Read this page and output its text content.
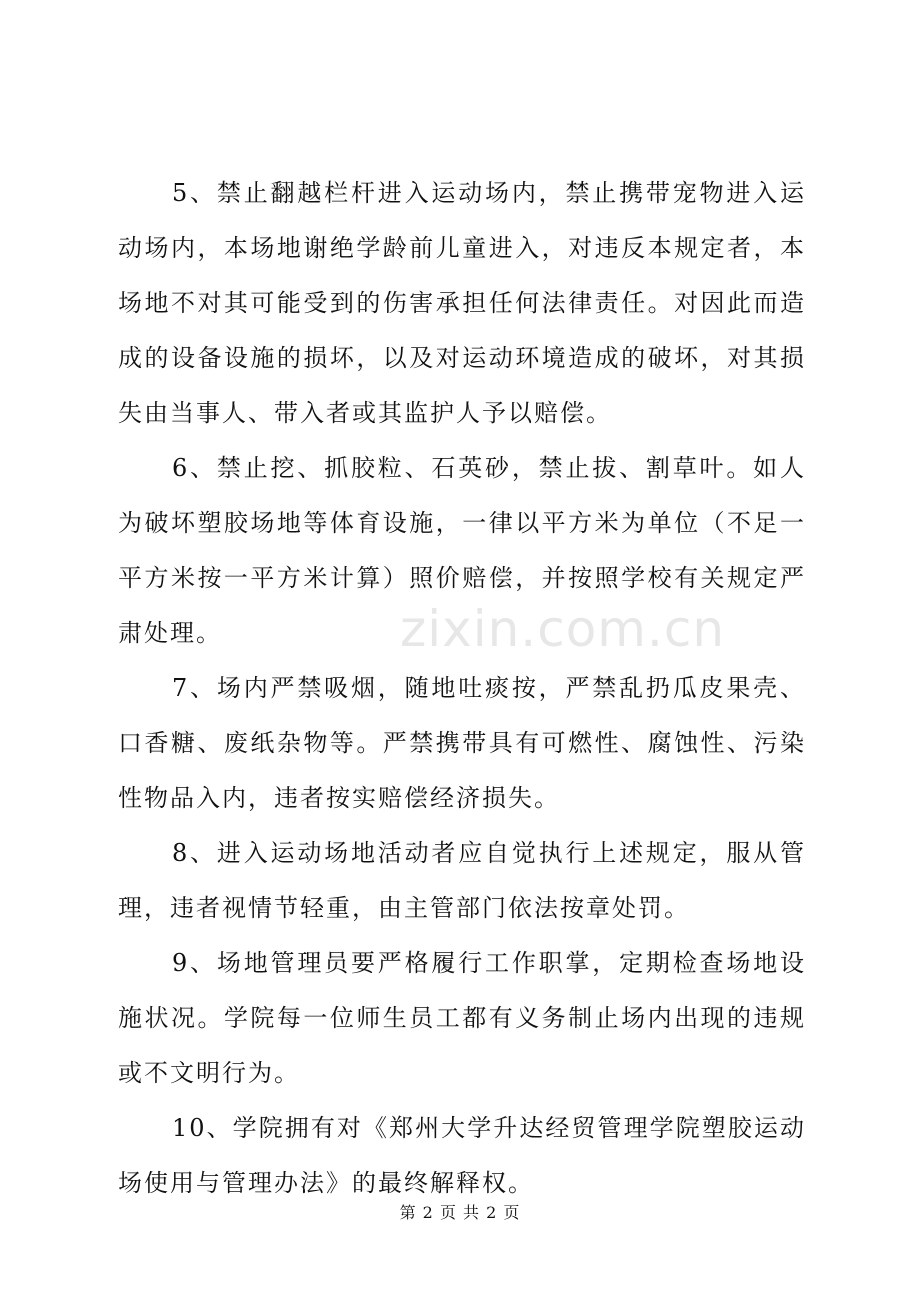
5、禁止翻越栏杆进入运动场内，禁止携带宠物进入运动场内，本场地谢绝学龄前儿童进入，对违反本规定者，本场地不对其可能受到的伤害承担任何法律责任。对因此而造成的设备设施的损坏，以及对运动环境造成的破坏，对其损失由当事人、带入者或其监护人予以赔偿。

6、禁止挖、抓胶粒、石英砂，禁止拔、割草叶。如人为破坏塑胶场地等体育设施，一律以平方米为单位（不足一平方米按一平方米计算）照价赔偿，并按照学校有关规定严肃处理。

7、场内严禁吸烟，随地吐痰按，严禁乱扔瓜皮果壳、口香糖、废纸杂物等。严禁携带具有可燃性、腐蚀性、污染性物品入内，违者按实赔偿经济损失。

8、进入运动场地活动者应自觉执行上述规定，服从管理，违者视情节轻重，由主管部门依法按章处罚。

9、场地管理员要严格履行工作职掌，定期检查场地设施状况。学院每一位师生员工都有义务制止场内出现的违规或不文明行为。

10、学院拥有对《郑州大学升达经贸管理学院塑胶运动场使用与管理办法》的最终解释权。

zixin.com.cn
第 2 页 共 2 页
